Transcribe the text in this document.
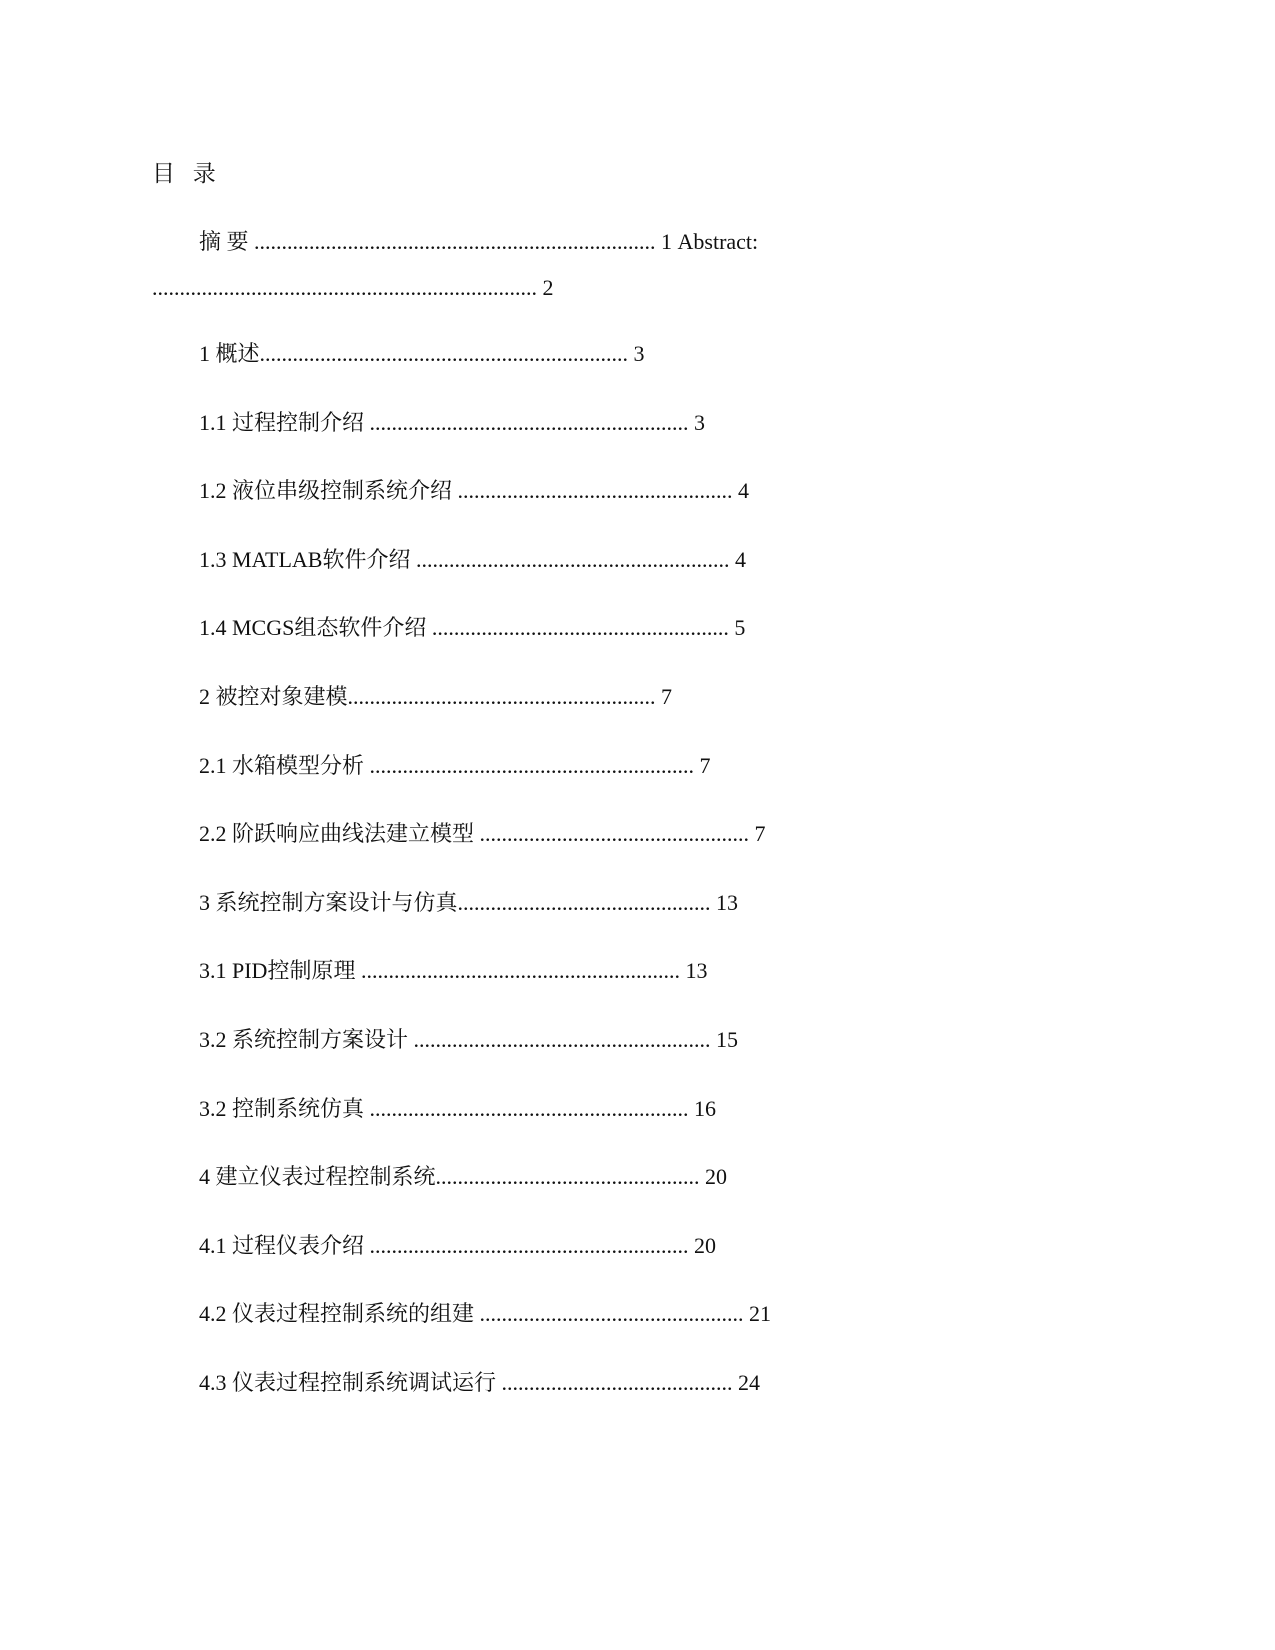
目 录
摘 要 ......................................................................... 1 Abstract:
...................................................................... 2
1 概述................................................................... 3
1.1 过程控制介绍 .......................................................... 3
1.2 液位串级控制系统介绍 .................................................. 4
1.3 MATLAB软件介绍 ......................................................... 4
1.4 MCGS组态软件介绍 ...................................................... 5
2 被控对象建模........................................................ 7
2.1 水箱模型分析 ........................................................... 7
2.2 阶跃响应曲线法建立模型 ................................................. 7
3 系统控制方案设计与仿真.............................................. 13
3.1 PID控制原理 .......................................................... 13
3.2 系统控制方案设计 ...................................................... 15
3.2 控制系统仿真 .......................................................... 16
4 建立仪表过程控制系统................................................ 20
4.1 过程仪表介绍 .......................................................... 20
4.2 仪表过程控制系统的组建 ................................................ 21
4.3 仪表过程控制系统调试运行 .......................................... 24
